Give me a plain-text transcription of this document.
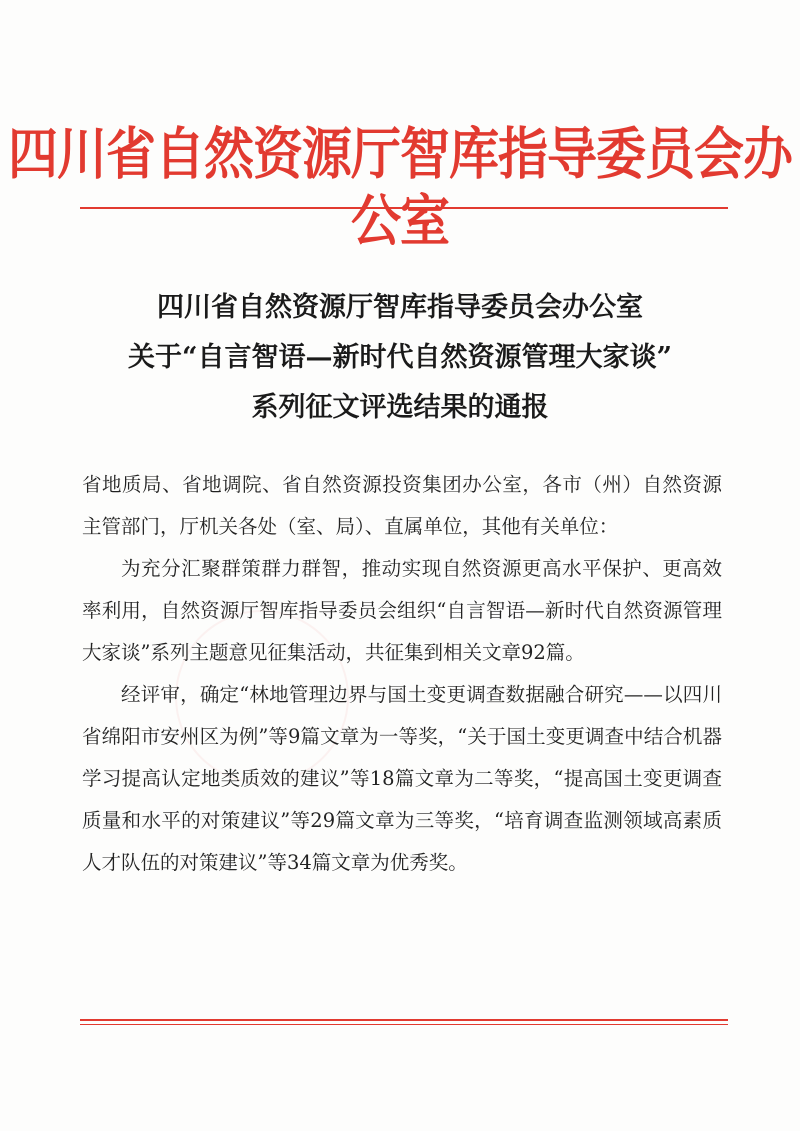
四川省自然资源厅智库指导委员会办公室
四川省自然资源厅智库指导委员会办公室
关于“自言智语—新时代自然资源管理大家谈”
系列征文评选结果的通报

省地质局、省地调院、省自然资源投资集团办公室，各市（州）自然资源主管部门，厅机关各处（室、局）、直属单位，其他有关单位：

为充分汇聚群策群力群智，推动实现自然资源更高水平保护、更高效率利用，自然资源厅智库指导委员会组织“自言智语—新时代自然资源管理大家谈”系列主题意见征集活动，共征集到相关文章92篇。

经评审，确定“林地管理边界与国土变更调查数据融合研究——以四川省绵阳市安州区为例”等9篇文章为一等奖，“关于国土变更调查中结合机器学习提高认定地类质效的建议”等18篇文章为二等奖，“提高国土变更调查质量和水平的对策建议”等29篇文章为三等奖，“培育调查监测领域高素质人才队伍的对策建议”等34篇文章为优秀奖。
